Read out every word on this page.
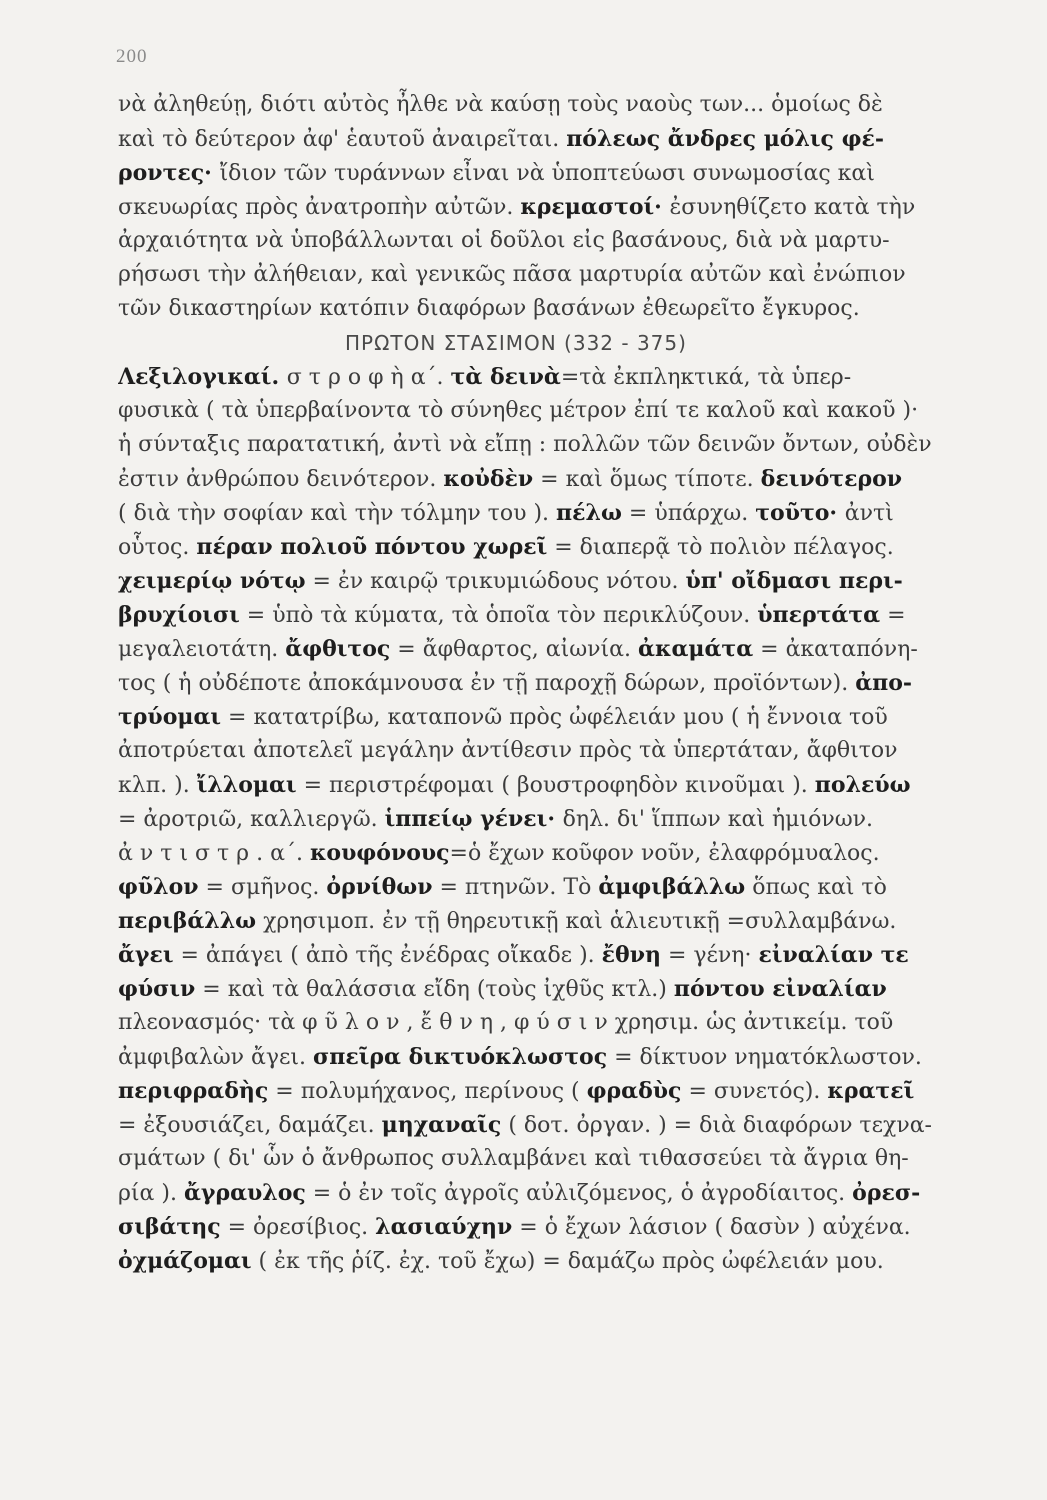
200
νὰ ἀληθεύῃ, διότι αὐτὸς ἦλθε νὰ καύσῃ τοὺς ναοὺς των... ὁμοίως δὲ
καὶ τὸ δεύτερον ἀφ' ἑαυτοῦ ἀναιρεῖται. πόλεως ἄνδρες μόλις φέ-
ροντες· ἴδιον τῶν τυράννων εἶναι νὰ ὑποπτεύωσι συνωμοσίας καὶ
σκευωρίας πρὸς ἀνατροπὴν αὐτῶν. κρεμαστοί· ἐσυνηθίζετο κατὰ τὴν
ἀρχαιότητα νὰ ὑποβάλλωνται οἱ δοῦλοι εἰς βασάνους, διὰ νὰ μαρτυ-
ρήσωσι τὴν ἀλήθειαν, καὶ γενικῶς πᾶσα μαρτυρία αὐτῶν καὶ ἐνώπιον
τῶν δικαστηρίων κατόπιν διαφόρων βασάνων ἐθεωρεῖτο ἔγκυρος.
ΠΡΩΤΟΝ ΣΤΑΣΙΜΟΝ (332 - 375)
Λεξιλογικαί. σ τ ρ ο φ ὴ α΄. τὰ δεινὰ=τὰ ἐκπληκτικά, τὰ ὑπερ-
φυσικὰ ( τὰ ὑπερβαίνοντα τὸ σύνηθες μέτρον ἐπί τε καλοῦ καὶ κακοῦ )·
ἡ σύνταξις παρατατική, ἀντὶ νὰ εἴπῃ : πολλῶν τῶν δεινῶν ὄντων, οὐδὲν
ἐστιν ἀνθρώπου δεινότερον. κοὐδὲν = καὶ ὅμως τίποτε. δεινότερον
( διὰ τὴν σοφίαν καὶ τὴν τόλμην του ). πέλω = ὑπάρχω. τοῦτο· ἀντὶ
οὗτος. πέραν πολιοῦ πόντου χωρεῖ = διαπερᾷ τὸ πολιὸν πέλαγος.
χειμερίῳ νότῳ = ἐν καιρῷ τρικυμιώδους νότου. ὑπ' οἴδμασι περι-
βρυχίοισι = ὑπὸ τὰ κύματα, τὰ ὁποῖα τὸν περικλύζουν. ὑπερτάτα =
μεγαλειοτάτη. ἄφθιτος = ἄφθαρτος, αἰωνία. ἀκαμάτα = ἀκαταπόνη-
τος ( ἡ οὐδέποτε ἀποκάμνουσα ἐν τῇ παροχῇ δώρων, προϊόντων). ἀπο-
τρύομαι = κατατρίβω, καταπονῶ πρὸς ὠφέλειάν μου ( ἡ ἔννοια τοῦ
ἀποτρύεται ἀποτελεῖ μεγάλην ἀντίθεσιν πρὸς τὰ ὑπερτάταν, ἄφθιτον
κλπ. ). ἴλλομαι = περιστρέφομαι ( βουστροφηδὸν κινοῦμαι ). πολεύω
= ἀροτριῶ, καλλιεργῶ. ἱππείῳ γένει· δηλ. δι' ἵππων καὶ ἡμιόνων.
ἀ ν τ ι σ τ ρ . α΄. κουφόνους=ὁ ἔχων κοῦφον νοῦν, ἐλαφρόμυαλος.
φῦλον = σμῆνος. ὀρνίθων = πτηνῶν. Τὸ ἀμφιβάλλω ὅπως καὶ τὸ
περιβάλλω χρησιμοπ. ἐν τῇ θηρευτικῇ καὶ ἁλιευτικῇ =συλλαμβάνω.
ἄγει = ἀπάγει ( ἀπὸ τῆς ἐνέδρας οἴκαδε ). ἔθνη = γένη· εἰναλίαν τε
φύσιν = καὶ τὰ θαλάσσια εἴδη (τοὺς ἰχθῦς κτλ.) πόντου εἰναλίαν
πλεονασμός· τὰ φ ῦ λ ο ν , ἔ θ ν η , φ ύ σ ι ν χρησιμ. ὡς ἀντικείμ. τοῦ
ἀμφιβαλὼν ἄγει. σπεῖρα δικτυόκλωστος = δίκτυον νηματόκλωστον.
περιφραδὴς = πολυμήχανος, περίνους ( φραδὺς = συνετός). κρατεῖ
= ἐξουσιάζει, δαμάζει. μηχαναῖς ( δοτ. ὀργαν. ) = διὰ διαφόρων τεχνα-
σμάτων ( δι' ὧν ὁ ἄνθρωπος συλλαμβάνει καὶ τιθασσεύει τὰ ἄγρια θη-
ρία ). ἄγραυλος = ὁ ἐν τοῖς ἀγροῖς αὐλιζόμενος, ὁ ἀγροδίαιτος. ὀρεσ-
σιβάτης = ὀρεσίβιος. λασιαύχην = ὁ ἔχων λάσιον ( δασὺν ) αὐχένα.
ὀχμάζομαι ( ἐκ τῆς ῥίζ. ἐχ. τοῦ ἔχω) = δαμάζω πρὸς ὠφέλειάν μου.
